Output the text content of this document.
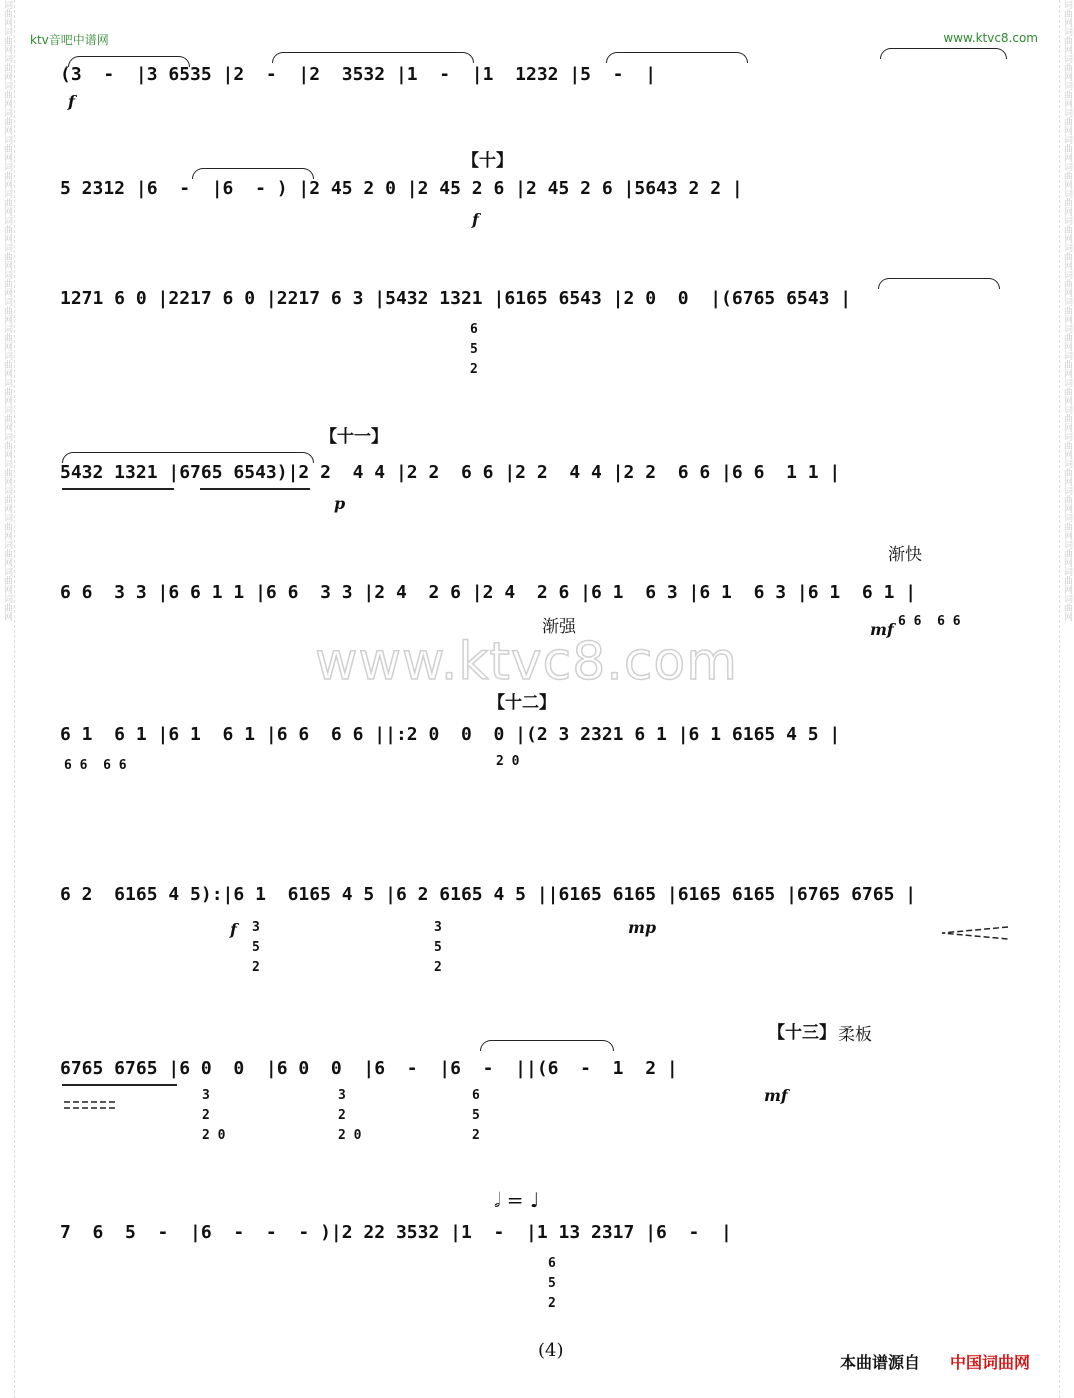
词曲网
词曲网
词曲网
词曲网
词曲网
词曲网
词曲网
词曲网
词曲网
词曲网
词曲网
词曲网
词曲网
词曲网
词曲网
词曲网
词曲网
词曲网
词曲网
词曲网
词曲网
词曲网
词曲网
词曲网
词曲网
词曲网
词曲网
词曲网
词曲网
词曲网
词曲网
词曲网
词曲网
词曲网
词曲网
词曲网
词曲网
词曲网
词曲网
词曲网
词曲网
词曲网
词曲网
词曲网
词曲网
词曲网
ktv音吧中谱网	www.ktvc8.com
www.ktvc8.com
(3  -  |3 6535 |2  -  |2  3532 |1  -  |1  1232 |5  -  |
5 2312 |6  -  |6  - ) |2 45 2 0 |2 45 2 6 |2 45 2 6 |5643 2 2 |
1271 6 0 |2217 6 0 |2217 6 3 |5432 1321 |6165 6543 |2 0  0  |(6765 6543 |
5432 1321 |6765 6543)|2 2  4 4 |2 2  6 6 |2 2  4 4 |2 2  6 6 |6 6  1 1 |
6 6  3 3 |6 6 1 1 |6 6  3 3 |2 4  2 6 |2 4  2 6 |6 1  6 3 |6 1  6 3 |6 1  6 1 |
6 1  6 1 |6 1  6 1 |6 6  6 6 ||:2 0  0  0 |(2 3 2321 6 1 |6 1 6165 4 5 |
6 2  6165 4 5):|6 1  6165 4 5 |6 2 6165 4 5 ||6165 6165 |6165 6165 |6765 6765 |
6765 6765 |6 0  0  |6 0  0  |6  -  |6  -  ||(6  -  1  2 |
7  6  5  -  |6  -  -  - )|2 22 3532 |1  -  |1 13 2317 |6  -  |
【十】
【十一】
【十二】
【十三】 柔板
f
f
p
mf
mp
f
mf
渐快
渐强
6
5
2
6 6  6 6
6 6  6 6	2 0
3
5
2
3
5
2
3
2
2 0
3
2
2 0
6
5
2
6
5
2
𝅗𝅥 = ♩
(4)
本曲谱源自 中国词曲网
